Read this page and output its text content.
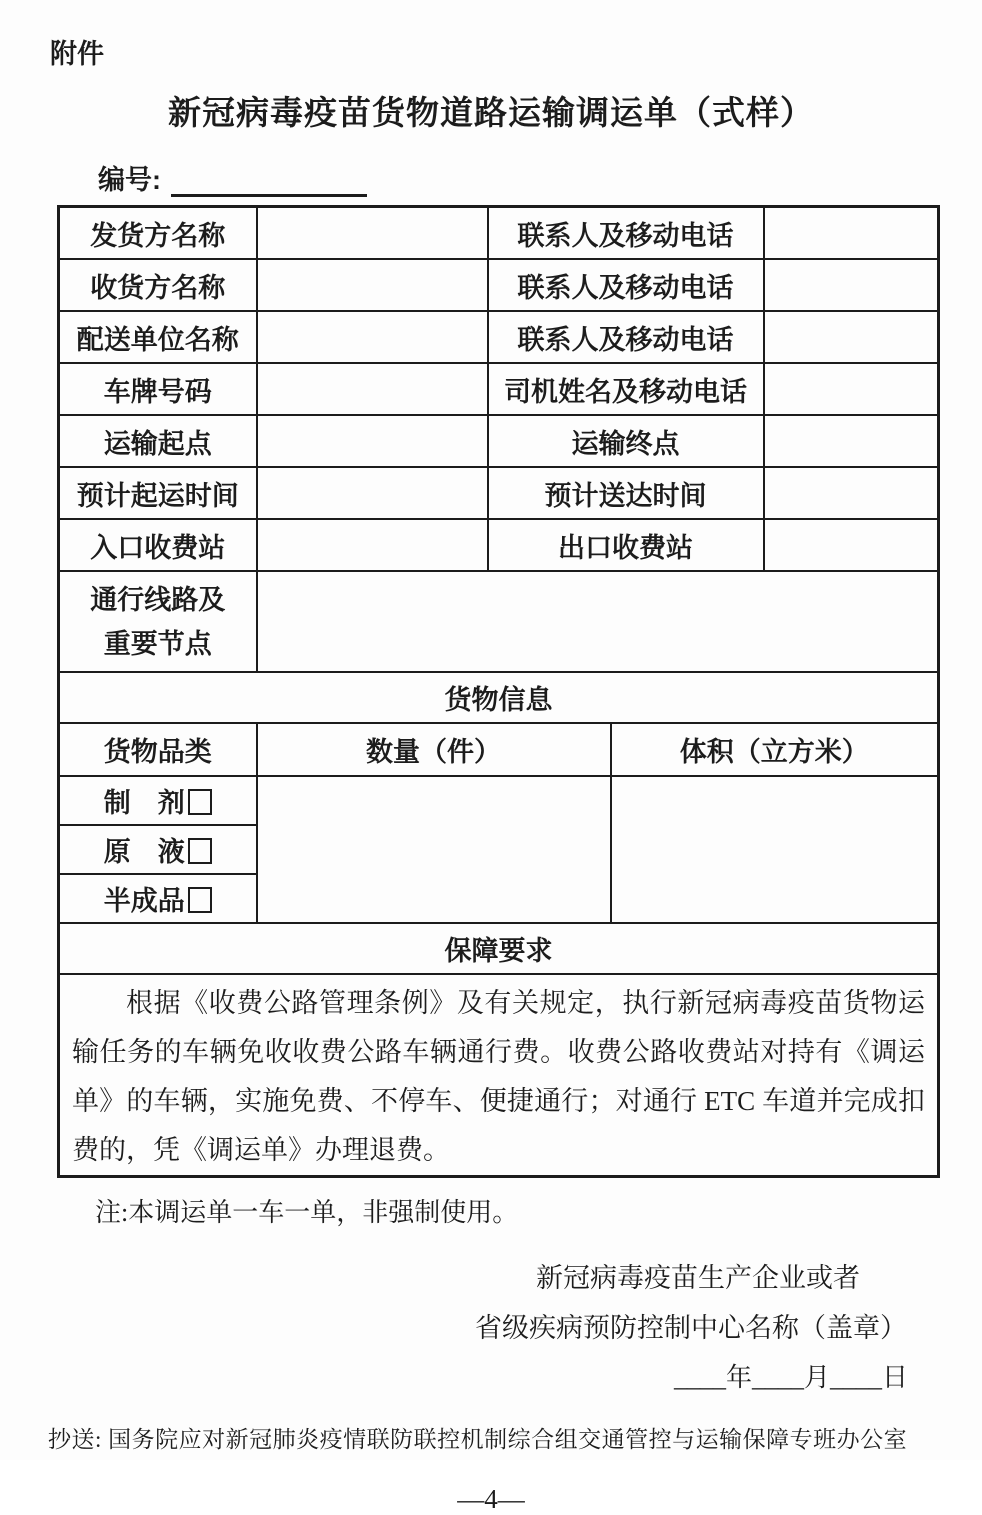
附件
新冠病毒疫苗货物道路运输调运单（式样）
编号:
发货方名称		联系人及移动电话		
收货方名称		联系人及移动电话		
配送单位名称		联系人及移动电话		
车牌号码		司机姓名及移动电话		
运输起点		运输终点		
预计起运时间		预计送达时间		
入口收费站		出口收费站		

通行线路及
重要节点				

货物信息				
货物品类	数量（件）		体积（立方米）	
制　剂				
原　液				
半成品				
保障要求				

根据《收费公路管理条例》及有关规定，执行新冠病毒疫苗货物运输任务的车辆免收收费公路车辆通行费。收费公路收费站对持有《调运单》的车辆，实施免费、不停车、便捷通行；对通行 ETC 车道并完成扣费的，凭《调运单》办理退费。				
注:本调运单一车一单，非强制使用。
新冠病毒疫苗生产企业或者
省级疾病预防控制中心名称（盖章）
____年____月____日
抄送: 国务院应对新冠肺炎疫情联防联控机制综合组交通管控与运输保障专班办公室
—4—
